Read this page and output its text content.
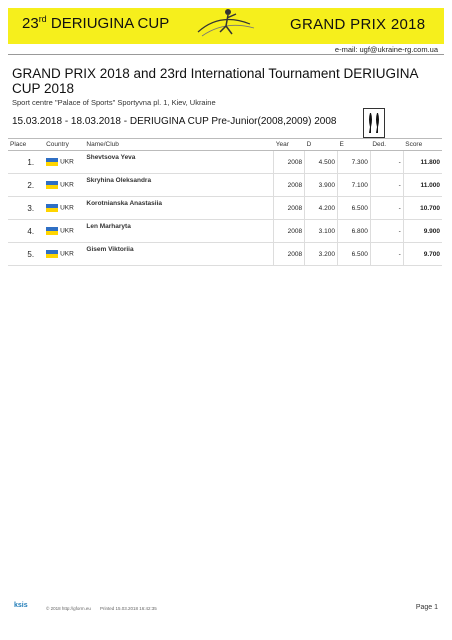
23rd DERIUGINA CUP	GRAND PRIX 2018
e-mail: ugf@ukraine-rg.com.ua
GRAND PRIX 2018 and 23rd International Tournament DERIUGINA CUP 2018
Sport centre "Palace of Sports" Sportyvna pl. 1, Kiev, Ukraine
15.03.2018 - 18.03.2018 - DERIUGINA CUP Pre-Junior(2008,2009) 2008
Place	Country	Name/Club	Year	D	E	Ded.	Score
1.	UKR	Shevtsova Yeva	2008	4.500	7.300	-	11.800
2.	UKR	Skryhina Oleksandra	2008	3.900	7.100	-	11.000
3.	UKR	Korotnianska Anastasiia	2008	4.200	6.500	-	10.700
4.	UKR	Len Marharyta	2008	3.100	6.800	-	9.900
5.	UKR	Gisem Viktoriia	2008	3.200	6.500	-	9.700
ksis	© 2018 http://gform.eu Printed 15.03.2018 16:42:35	Page 1
